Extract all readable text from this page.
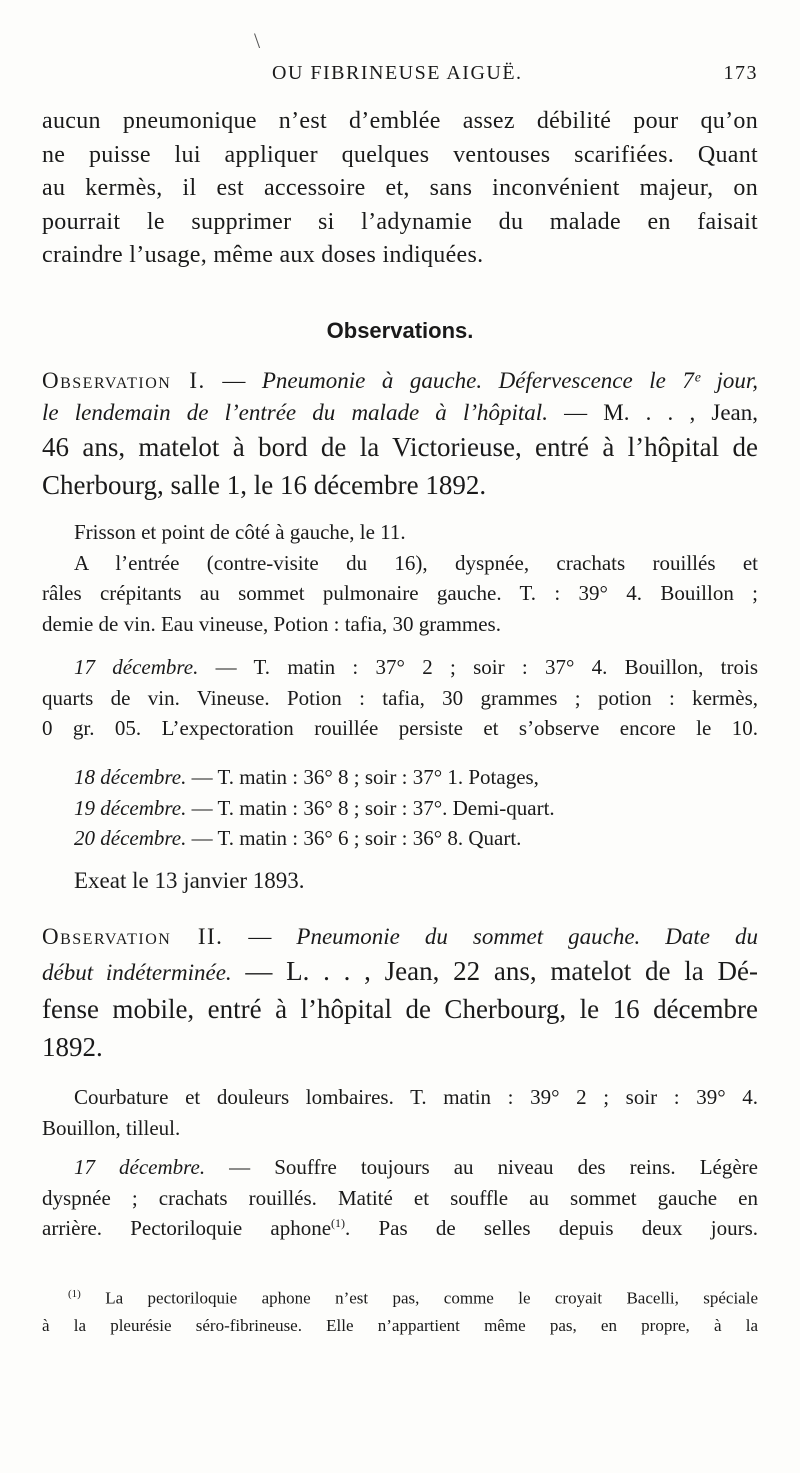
\
OU FIBRINEUSE AIGUË.	173
aucun pneumonique n’est d’emblée assez débilité pour qu’on
ne puisse lui appliquer quelques ventouses scarifiées. Quant
au kermès, il est accessoire et, sans inconvénient majeur, on
pourrait le supprimer si l’adynamie du malade en faisait
craindre l’usage, même aux doses indiquées.
Observations.
Observation I. — Pneumonie à gauche. Défervescence le 7ᵉ jour,
le lendemain de l’entrée du malade à l’hôpital. — M. . . , Jean,
46 ans, matelot à bord de la Victorieuse, entré à l’hôpital de
Cherbourg, salle 1, le 16 décembre 1892.
Frisson et point de côté à gauche, le 11.
A l’entrée (contre-visite du 16), dyspnée, crachats rouillés et
râles crépitants au sommet pulmonaire gauche. T. : 39° 4. Bouillon ;
demie de vin. Eau vineuse, Potion : tafia, 30 grammes.
17 décembre. — T. matin : 37° 2 ; soir : 37° 4. Bouillon, trois
quarts de vin. Vineuse. Potion : tafia, 30 grammes ; potion : kermès,
0 gr. 05. L’expectoration rouillée persiste et s’observe encore le 10.
18 décembre. — T. matin : 36° 8 ; soir : 37° 1. Potages,
19 décembre. — T. matin : 36° 8 ; soir : 37°. Demi-quart.
20 décembre. — T. matin : 36° 6 ; soir : 36° 8. Quart.
Exeat le 13 janvier 1893.
Observation II. — Pneumonie du sommet gauche. Date du
début indéterminée. — L. . . , Jean, 22 ans, matelot de la Dé-
fense mobile, entré à l’hôpital de Cherbourg, le 16 décembre
1892.
Courbature et douleurs lombaires. T. matin : 39° 2 ; soir : 39° 4.
Bouillon, tilleul.
17 décembre. — Souffre toujours au niveau des reins. Légère
dyspnée ; crachats rouillés. Matité et souffle au sommet gauche en
arrière. Pectoriloquie aphone$^{(1)}$. Pas de selles depuis deux jours.
$^{(1)}$ La pectoriloquie aphone n’est pas, comme le croyait Bacelli, spéciale
à la pleurésie séro-fibrineuse. Elle n’appartient même pas, en propre, à la
